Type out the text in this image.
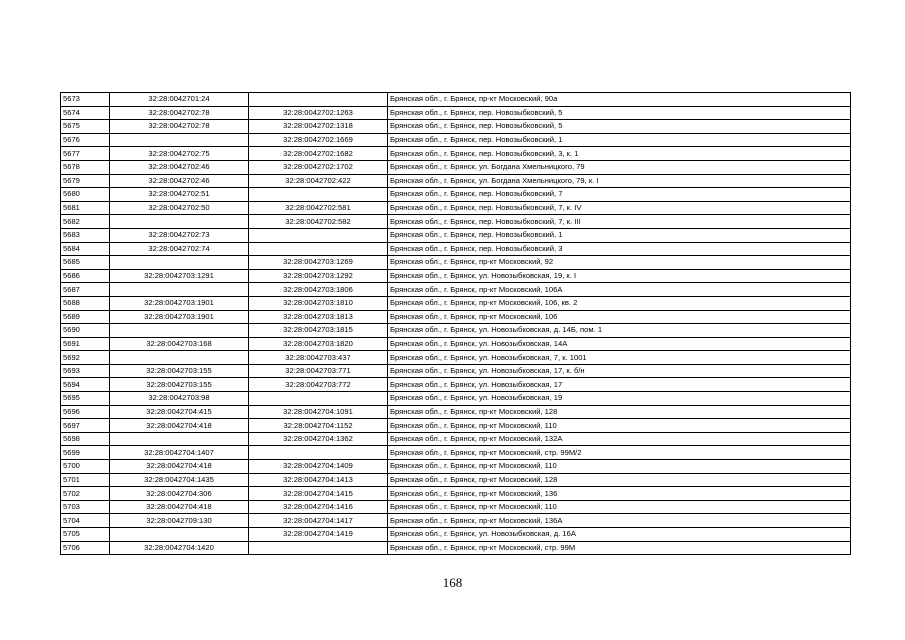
5673	32:28:0042701:24		Брянская обл., г. Брянск, пр-кт Московский, 90а
5674	32:28:0042702:78	32:28:0042702:1263	Брянская обл., г. Брянск, пер. Новозыбковский, 5
5675	32:28:0042702:78	32:28:0042702:1318	Брянская обл., г. Брянск, пер. Новозыбковский, 5
5676		32:28:0042702:1669	Брянская обл., г. Брянск, пер. Новозыбковский, 1
5677	32:28:0042702:75	32:28:0042702:1682	Брянская обл., г. Брянск, пер. Новозыбковский, 3, к. 1
5678	32:28:0042702:46	32:28:0042702:1702	Брянская обл., г. Брянск, ул. Богдана Хмельницкого, 79
5679	32:28:0042702:46	32:28:0042702:422	Брянская обл., г. Брянск, ул. Богдана Хмельницкого, 79, к. I
5680	32:28:0042702:51		Брянская обл., г. Брянск, пер. Новозыбковский, 7
5681	32:28:0042702:50	32:28:0042702:581	Брянская обл., г. Брянск, пер. Новозыбковский, 7, к. IV
5682		32:28:0042702:582	Брянская обл., г. Брянск, пер. Новозыбковский, 7, к. III
5683	32:28:0042702:73		Брянская обл., г. Брянск, пер. Новозыбковский, 1
5684	32:28:0042702:74		Брянская обл., г. Брянск, пер. Новозыбковский, 3
5685		32:28:0042703:1269	Брянская обл., г. Брянск, пр-кт Московский, 92
5686	32:28:0042703:1291	32:28:0042703:1292	Брянская обл., г. Брянск, ул. Новозыбковская, 19, к. I
5687		32:28:0042703:1806	Брянская обл., г. Брянск, пр-кт Московский, 106А
5688	32:28:0042703:1901	32:28:0042703:1810	Брянская обл., г. Брянск, пр-кт Московский, 106, кв. 2
5689	32:28:0042703:1901	32:28:0042703:1813	Брянская обл., г. Брянск, пр-кт Московский, 106
5690		32:28:0042703:1815	Брянская обл., г. Брянск, ул. Новозыбковская, д. 14Б, пом. 1
5691	32:28:0042703:168	32:28:0042703:1820	Брянская обл., г. Брянск, ул. Новозыбковская, 14А
5692		32:28:0042703:437	Брянская обл., г. Брянск, ул. Новозыбковская, 7, к. 1001
5693	32:28:0042703:155	32:28:0042703:771	Брянская обл., г. Брянск, ул. Новозыбковская, 17, к. б/н
5694	32:28:0042703:155	32:28:0042703:772	Брянская обл., г. Брянск, ул. Новозыбковская, 17
5695	32:28:0042703:98		Брянская обл., г. Брянск, ул. Новозыбковская, 19
5696	32:28:0042704:415	32:28:0042704:1091	Брянская обл., г. Брянск, пр-кт Московский, 128
5697	32:28:0042704:418	32:28:0042704:1152	Брянская обл., г. Брянск, пр-кт Московский, 110
5698		32:28:0042704:1362	Брянская обл., г. Брянск, пр-кт Московский, 132А
5699	32:28:0042704:1407		Брянская обл., г. Брянск, пр-кт Московский, стр. 99М/2
5700	32:28:0042704:418	32:28:0042704:1409	Брянская обл., г. Брянск, пр-кт Московский, 110
5701	32:28:0042704:1435	32:28:0042704:1413	Брянская обл., г. Брянск, пр-кт Московский, 128
5702	32:28:0042704:306	32:28:0042704:1415	Брянская обл., г. Брянск, пр-кт Московский, 136
5703	32:28:0042704:418	32:28:0042704:1416	Брянская обл., г. Брянск, пр-кт Московский, 110
5704	32:28:0042709:130	32:28:0042704:1417	Брянская обл., г. Брянск, пр-кт Московский, 136А
5705		32:28:0042704:1419	Брянская обл., г. Брянск, ул. Новозыбковская, д. 16А
5706	32:28:0042704:1420		Брянская обл., г. Брянск, пр-кт Московский, стр. 99М
168
